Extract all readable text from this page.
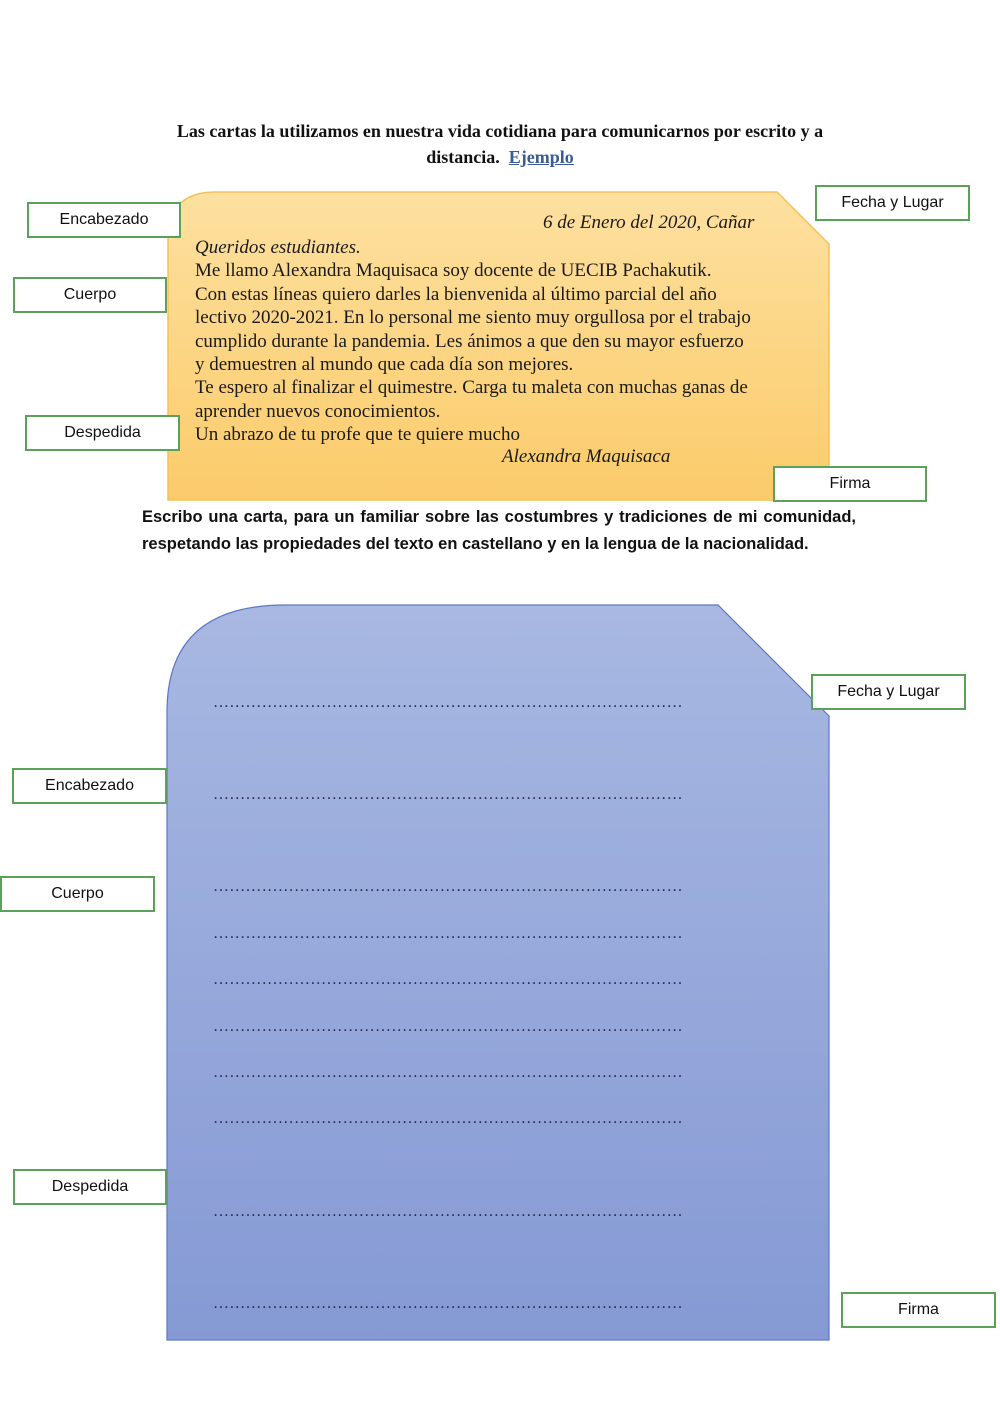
Las cartas la utilizamos en nuestra vida cotidiana para comunicarnos por escrito y a distancia. Ejemplo
6 de Enero del 2020, Cañar
Queridos estudiantes.
Me llamo Alexandra Maquisaca soy docente de UECIB Pachakutik.
Con estas líneas quiero darles la bienvenida al último parcial del año
lectivo 2020-2021. En lo personal me siento muy orgullosa por el trabajo
cumplido durante la pandemia. Les ánimos a que den su mayor esfuerzo
y demuestren al mundo que cada día son mejores.
Te espero al finalizar el quimestre. Carga tu maleta con muchas ganas de
aprender nuevos conocimientos.
Un abrazo de tu profe que te quiere mucho
Alexandra Maquisaca
Encabezado
Cuerpo
Despedida
Fecha y Lugar
Firma
Escribo una carta, para un familiar sobre las costumbres y tradiciones de mi comunidad, respetando las propiedades del texto en castellano y en la lengua de la nacionalidad.
……………………………………………………………………………
……………………………………………………………………………
……………………………………………………………………………
……………………………………………………………………………
……………………………………………………………………………
……………………………………………………………………………
……………………………………………………………………………
……………………………………………………………………………
……………………………………………………………………………
……………………………………………………………………………
Fecha y Lugar
Encabezado
Cuerpo
Despedida
Firma
